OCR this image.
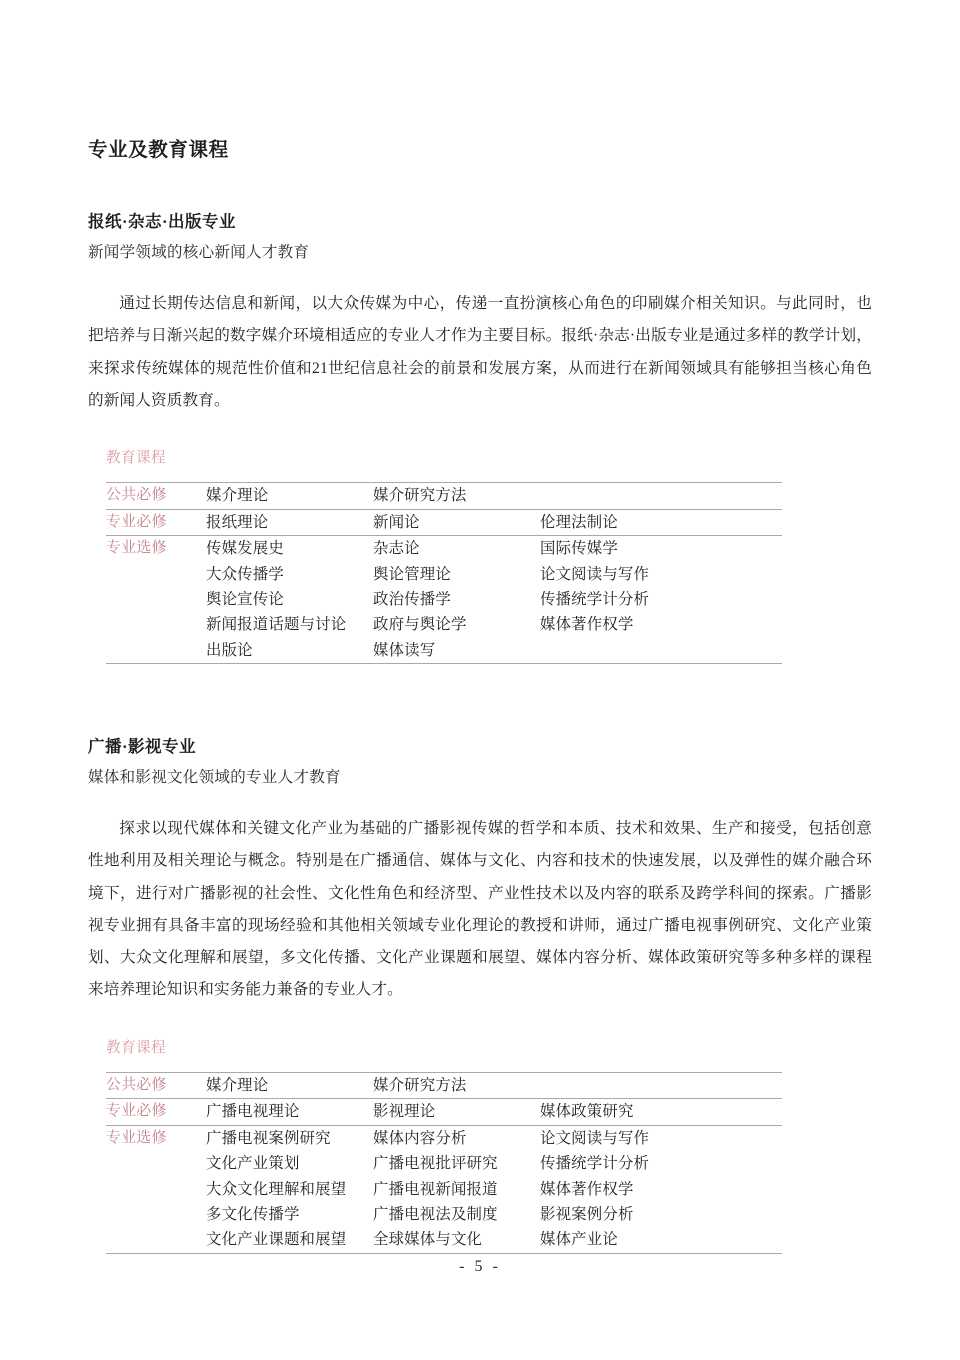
专业及教育课程
报纸·杂志·出版专业
新闻学领域的核心新闻人才教育

通过长期传达信息和新闻，以大众传媒为中心，传递一直扮演核心角色的印刷媒介相关知识。与此同时，也把培养与日渐兴起的数字媒介环境相适应的专业人才作为主要目标。报纸·杂志·出版专业是通过多样的教学计划，来探求传统媒体的规范性价值和21世纪信息社会的前景和发展方案，从而进行在新闻领域具有能够担当核心角色的新闻人资质教育。

教育课程
公共必修	媒介理论	媒介研究方法	
专业必修	报纸理论	新闻论	伦理法制论
专业选修	传媒发展史	杂志论	国际传媒学
	大众传播学	舆论管理论	论文阅读与写作
	舆论宣传论	政治传播学	传播统学计分析
	新闻报道话题与讨论	政府与舆论学	媒体著作权学
	出版论	媒体读写	
广播·影视专业
媒体和影视文化领域的专业人才教育

探求以现代媒体和关键文化产业为基础的广播影视传媒的哲学和本质、技术和效果、生产和接受，包括创意性地利用及相关理论与概念。特别是在广播通信、媒体与文化、内容和技术的快速发展，以及弹性的媒介融合环境下，进行对广播影视的社会性、文化性角色和经济型、产业性技术以及内容的联系及跨学科间的探索。广播影视专业拥有具备丰富的现场经验和其他相关领域专业化理论的教授和讲师，通过广播电视事例研究、文化产业策划、大众文化理解和展望，多文化传播、文化产业课题和展望、媒体内容分析、媒体政策研究等多种多样的课程来培养理论知识和实务能力兼备的专业人才。

教育课程
公共必修	媒介理论	媒介研究方法	
专业必修	广播电视理论	影视理论	媒体政策研究
专业选修	广播电视案例研究	媒体内容分析	论文阅读与写作
	文化产业策划	广播电视批评研究	传播统学计分析
	大众文化理解和展望	广播电视新闻报道	媒体著作权学
	多文化传播学	广播电视法及制度	影视案例分析
	文化产业课题和展望	全球媒体与文化	媒体产业论
- 5 -
